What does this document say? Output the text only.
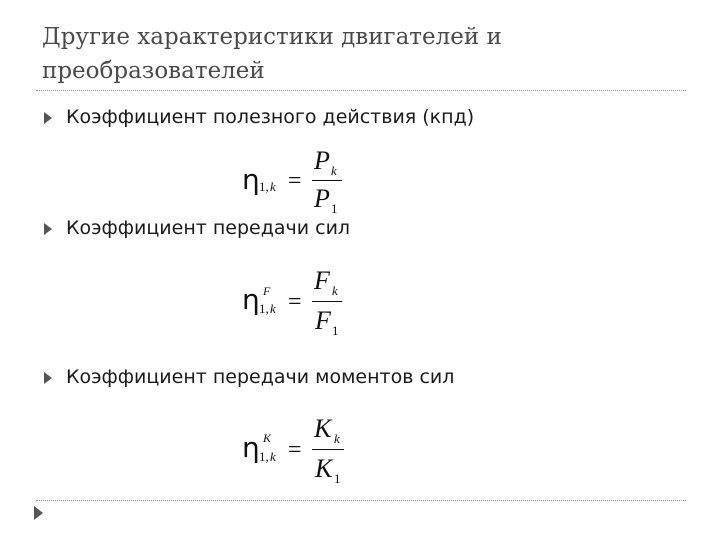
Другие характеристики двигателей и преобразователей
Коэффициент полезного действия (кпд)
η 1, k =
P k
P 1
Коэффициент передачи сил
η F
1, k =
F k
F 1
Коэффициент передачи моментов сил
η K
1, k =
K k
K 1
